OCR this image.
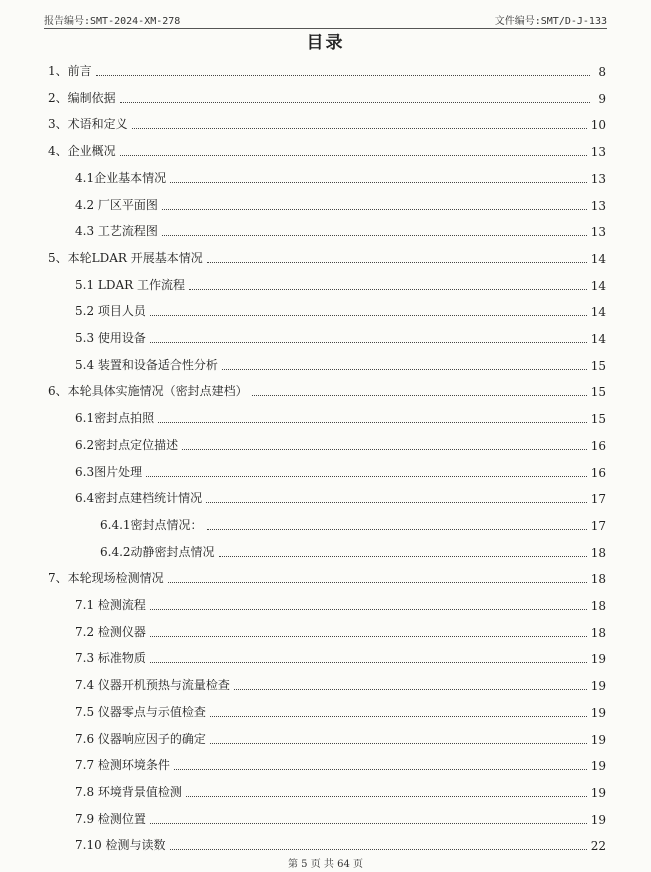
报告编号:SMT-2024-XM-278	文件编号:SMT/D-J-133
目录
1、前言	8
2、编制依据	9
3、术语和定义	10
4、企业概况	13
4.1企业基本情况	13
4.2 厂区平面图	13
4.3 工艺流程图	13
5、本轮LDAR 开展基本情况	14
5.1 LDAR 工作流程	14
5.2 项目人员	14
5.3 使用设备	14
5.4 装置和设备适合性分析	15
6、本轮具体实施情况（密封点建档）	15
6.1密封点拍照	15
6.2密封点定位描述	16
6.3图片处理	16
6.4密封点建档统计情况	17
6.4.1密封点情况：	17
6.4.2动静密封点情况	18
7、本轮现场检测情况	18
7.1 检测流程	18
7.2 检测仪器	18
7.3 标准物质	19
7.4 仪器开机预热与流量检查	19
7.5 仪器零点与示值检查	19
7.6 仪器响应因子的确定	19
7.7 检测环境条件	19
7.8 环境背景值检测	19
7.9 检测位置	19
7.10 检测与读数	22
第 5 页 共 64 页
